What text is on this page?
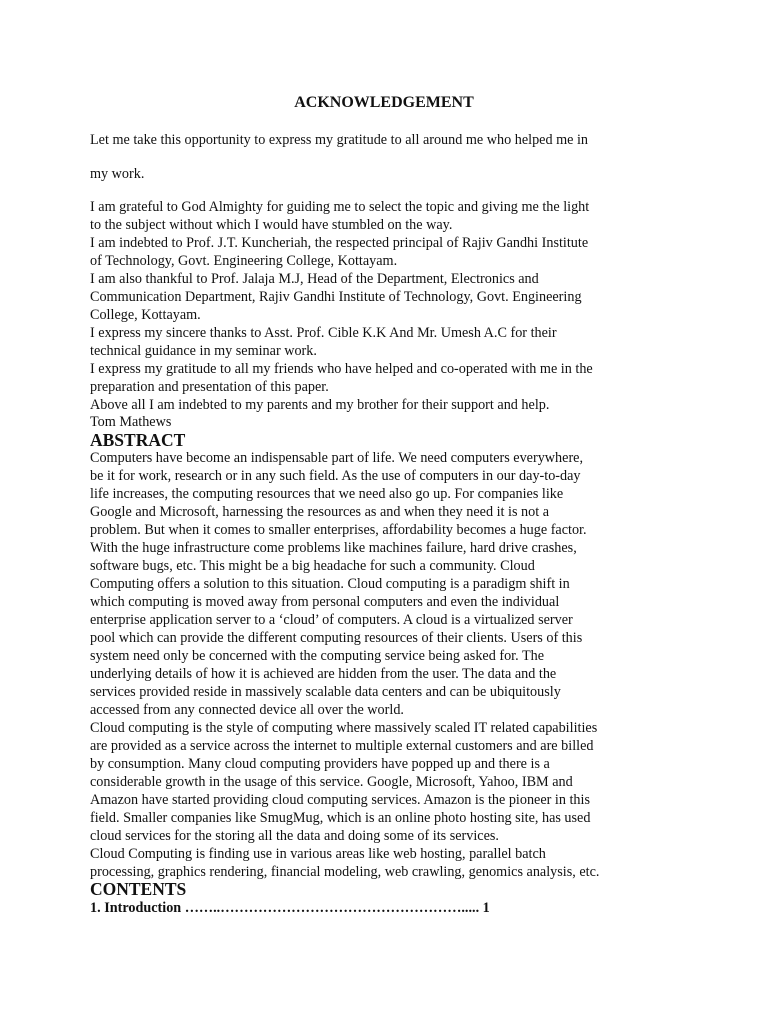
ACKNOWLEDGEMENT

Let me take this opportunity to express my gratitude to all around me who helped me in

my work.

I am grateful to God Almighty for guiding me to select the topic and giving me the light
to the subject without which I would have stumbled on the way.

I am indebted to Prof. J.T. Kuncheriah, the respected principal of Rajiv Gandhi Institute
of Technology, Govt. Engineering College, Kottayam.

I am also thankful to Prof. Jalaja M.J, Head of the Department, Electronics and
Communication Department, Rajiv Gandhi Institute of Technology, Govt. Engineering
College, Kottayam.

I express my sincere thanks to Asst. Prof. Cible K.K And Mr. Umesh A.C for their
technical guidance in my seminar work.

I express my gratitude to all my friends who have helped and co-operated with me in the
preparation and presentation of this paper.

Above all I am indebted to my parents and my brother for their support and help.

Tom Mathews

ABSTRACT

Computers have become an indispensable part of life. We need computers everywhere,
be it for work, research or in any such field. As the use of computers in our day-to-day
life increases, the computing resources that we need also go up. For companies like
Google and Microsoft, harnessing the resources as and when they need it is not a
problem. But when it comes to smaller enterprises, affordability becomes a huge factor.
With the huge infrastructure come problems like machines failure, hard drive crashes,
software bugs, etc. This might be a big headache for such a community. Cloud
Computing offers a solution to this situation. Cloud computing is a paradigm shift in
which computing is moved away from personal computers and even the individual
enterprise application server to a ‘cloud’ of computers. A cloud is a virtualized server
pool which can provide the different computing resources of their clients. Users of this
system need only be concerned with the computing service being asked for. The
underlying details of how it is achieved are hidden from the user. The data and the
services provided reside in massively scalable data centers and can be ubiquitously
accessed from any connected device all over the world.

Cloud computing is the style of computing where massively scaled IT related capabilities
are provided as a service across the internet to multiple external customers and are billed
by consumption. Many cloud computing providers have popped up and there is a
considerable growth in the usage of this service. Google, Microsoft, Yahoo, IBM and
Amazon have started providing cloud computing services. Amazon is the pioneer in this
field. Smaller companies like SmugMug, which is an online photo hosting site, has used
cloud services for the storing all the data and doing some of its services.

Cloud Computing is finding use in various areas like web hosting, parallel batch
processing, graphics rendering, financial modeling, web crawling, genomics analysis, etc.

CONTENTS

1. Introduction ……..……………………………………………..... 1
